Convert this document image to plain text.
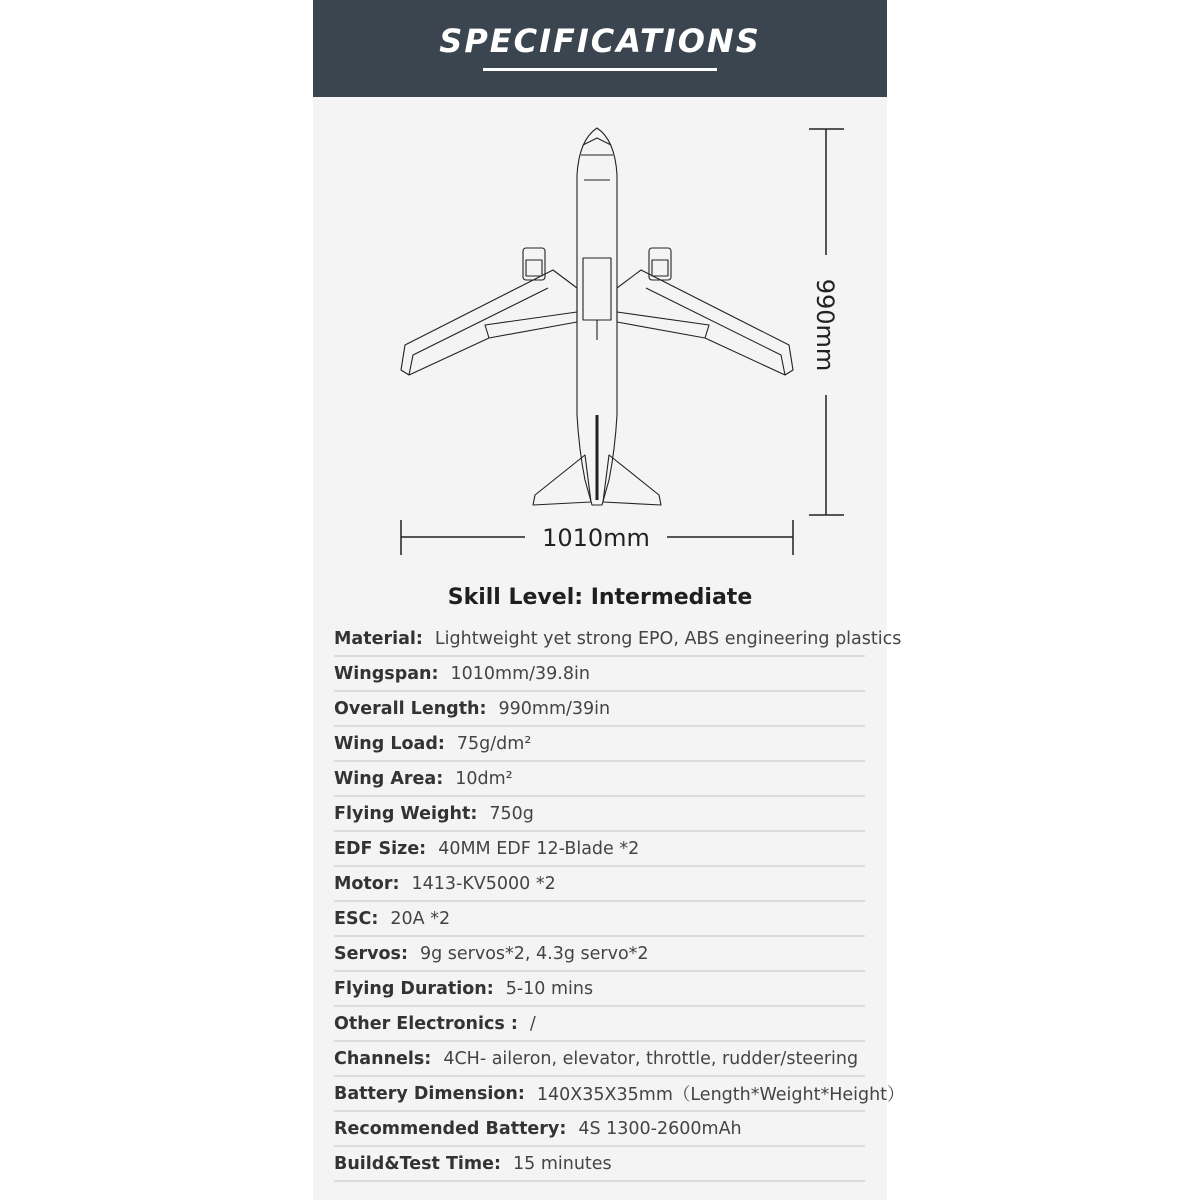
SPECIFICATIONS
990mm
1010mm
Skill Level: Intermediate
Material: Lightweight yet strong EPO, ABS engineering plastics
Wingspan: 1010mm/39.8in
Overall Length: 990mm/39in
Wing Load: 75g/dm²
Wing Area: 10dm²
Flying Weight: 750g
EDF Size: 40MM EDF 12-Blade *2
Motor: 1413-KV5000 *2
ESC: 20A *2
Servos: 9g servos*2, 4.3g servo*2
Flying Duration: 5-10 mins
Other Electronics : /
Channels: 4CH- aileron, elevator, throttle, rudder/steering
Battery Dimension: 140X35X35mm（Length*Weight*Height）
Recommended Battery: 4S 1300-2600mAh
Build&Test Time: 15 minutes
